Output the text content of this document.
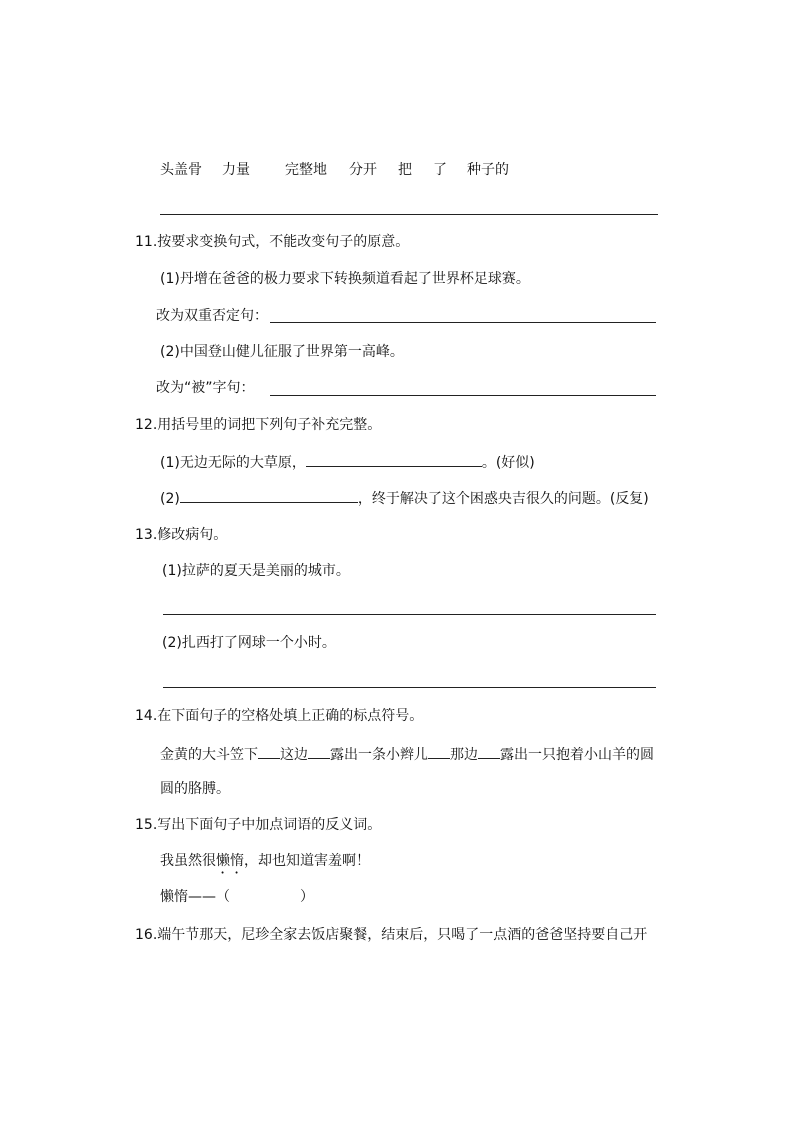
头盖骨 力量	完整地 分开 把 了 种子的
11.按要求变换句式，不能改变句子的原意。
(1)丹增在爸爸的极力要求下转换频道看起了世界杯足球赛。
改为双重否定句：
(2)中国登山健儿征服了世界第一高峰。
改为“被”字句：
12.用括号里的词把下列句子补充完整。
(1)无边无际的大草原，	。(好似)
(2)	，终于解决了这个困惑央吉很久的问题。(反复)
13.修改病句。
(1)拉萨的夏天是美丽的城市。
(2)扎西打了网球一个小时。
14.在下面句子的空格处填上正确的标点符号。
金黄的大斗笠下 这边 露出一条小辫儿 那边 露出一只抱着小山羊的圆
圆的胳膊。
15.写出下面句子中加点词语的反义词。
我虽然很懒惰，却也知道害羞啊！
懒惰——（　　　　　）
16.端午节那天，尼珍全家去饭店聚餐，结束后，只喝了一点酒的爸爸坚持要自己开
